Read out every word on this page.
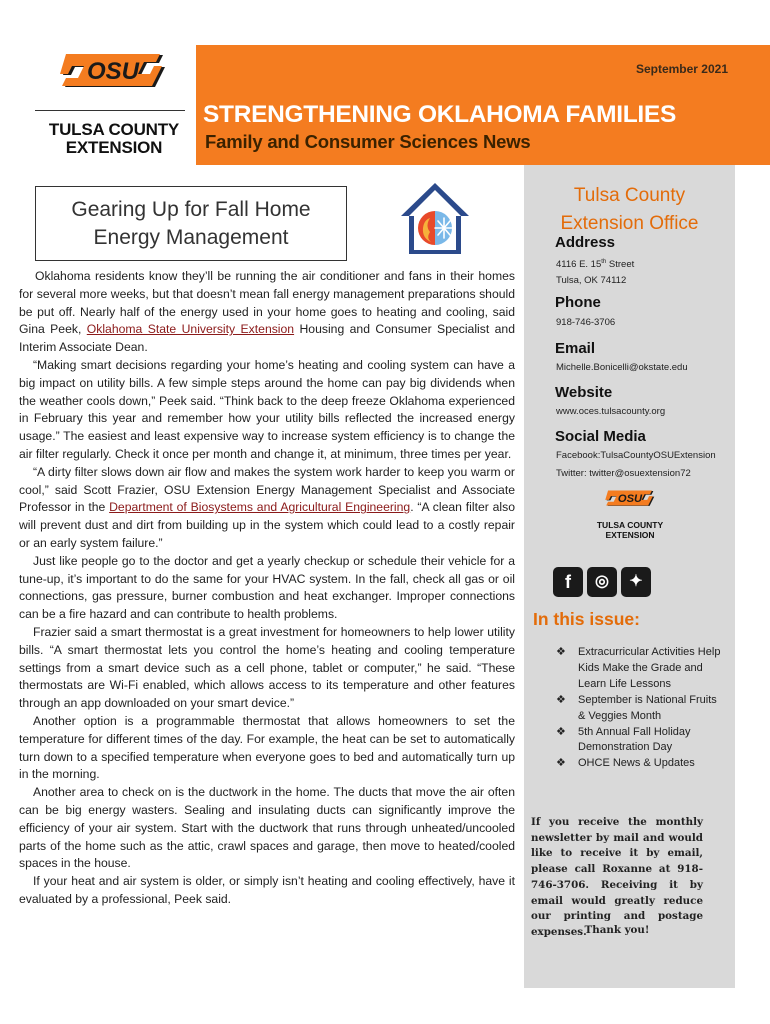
OSU
TULSA COUNTY
EXTENSION
September 2021
STRENGTHENING OKLAHOMA FAMILIES
Family and Consumer Sciences News
Gearing Up for Fall Home
Energy Management

Oklahoma residents know they’ll be running the air conditioner and fans in their homes for several more weeks, but that doesn’t mean fall energy management preparations should be put off. Nearly half of the energy used in your home goes to heating and cooling, said Gina Peek, Oklahoma State University Extension Housing and Consumer Specialist and Interim Associate Dean.

“Making smart decisions regarding your home’s heating and cooling system can have a big impact on utility bills. A few simple steps around the home can pay big dividends when the weather cools down,” Peek said. “Think back to the deep freeze Oklahoma experienced in February this year and remember how your utility bills reflected the increased energy usage.” The easiest and least expensive way to increase system efficiency is to change the air filter regularly. Check it once per month and change it, at minimum, three times per year.

“A dirty filter slows down air flow and makes the system work harder to keep you warm or cool,” said Scott Frazier, OSU Extension Energy Management Specialist and Associate Professor in the Department of Biosystems and Agricultural Engineering. “A clean filter also will prevent dust and dirt from building up in the system which could lead to a costly repair or an early system failure.”

Just like people go to the doctor and get a yearly checkup or schedule their vehicle for a tune-up, it’s important to do the same for your HVAC system. In the fall, check all gas or oil connections, gas pressure, burner combustion and heat exchanger. Improper connections can be a fire hazard and can contribute to health problems.

Frazier said a smart thermostat is a great investment for homeowners to help lower utility bills. “A smart thermostat lets you control the home’s heating and cooling temperature settings from a smart device such as a cell phone, tablet or computer,” he said. “These thermostats are Wi-Fi enabled, which allows access to its temperature and other features through an app downloaded on your smart device.”

Another option is a programmable thermostat that allows homeowners to set the temperature for different times of the day. For example, the heat can be set to automatically turn down to a specified temperature when everyone goes to bed and automatically turn up in the morning.

Another area to check on is the ductwork in the home. The ducts that move the air often can be big energy wasters. Sealing and insulating ducts can significantly improve the efficiency of your air system. Start with the ductwork that runs through unheated/uncooled parts of the home such as the attic, crawl spaces and garage, then move to heated/cooled spaces in the house.

If your heat and air system is older, or simply isn’t heating and cooling effectively, have it evaluated by a professional, Peek said.

Tulsa County
Extension Office
Address
4116 E. 15th Street
Tulsa, OK 74112
Phone
918-746-3706
Email
Michelle.Bonicelli@okstate.edu
Website
www.oces.tulsacounty.org
Social Media
Facebook:TulsaCountyOSUExtension
Twitter: twitter@osuextension72
OSU
TULSA COUNTY
EXTENSION
f	◎	✦
In this issue:
❖	Extracurricular Activities Help Kids Make the Grade and Learn Life Lessons
❖	September is National Fruits & Veggies Month
❖	5th Annual Fall Holiday Demonstration Day
❖	OHCE News & Updates
If you receive the monthly newsletter by mail and would like to receive it by email, please call Roxanne at 918-746-3706. Receiving it by email would greatly reduce our printing and postage expenses.
Thank you!
